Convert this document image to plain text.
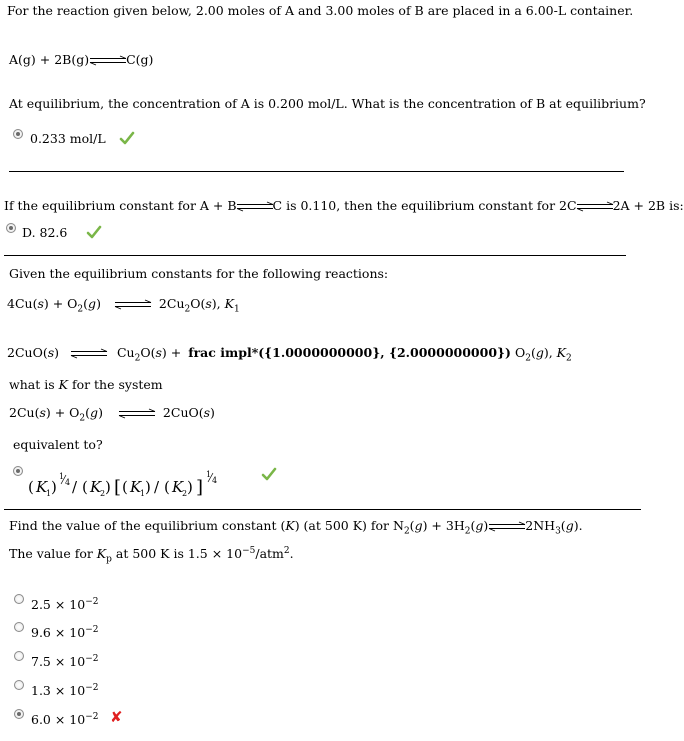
For the reaction given below, 2.00 moles of A and 3.00 moles of B are placed in a 6.00-L container.
A(g) + 2B(g)	C(g)
At equilibrium, the concentration of A is 0.200 mol/L. What is the concentration of B at equilibrium?
0.233 mol/L
If the equilibrium constant for A + B	C is 0.110, then the equilibrium constant for 2C	2A + 2B is:
D. 82.6
Given the equilibrium constants for the following reactions:
$4Cu(s) + O_2(g)$	$2Cu_2O(s)$, $K_1$
2CuO(s)	$Cu_2O(s)$ + frac impl*({1.0000000000}, {2.0000000000}) $O_2(g)$, $K_2$
what is K for the system
$2Cu(s) + O_2(g)$	2CuO(s)
equivalent to?
( K
1 )
1
4 / ( K
2 ) [ ( K
1 ) / ( K
2 ) ]
1
4
Find the value of the equilibrium constant (K) (at 500 K) for $N_2(g) + 3H_2(g)$	$2NH_3(g)$.
The value for $K_p$ at 500 K is $1.5 \times 10^{-5}/atm^2$.
$2.5 \times 10^{-2}$
$9.6 \times 10^{-2}$
$7.5 \times 10^{-2}$
$1.3 \times 10^{-2}$
$6.0 \times 10^{-2}$ ✘
